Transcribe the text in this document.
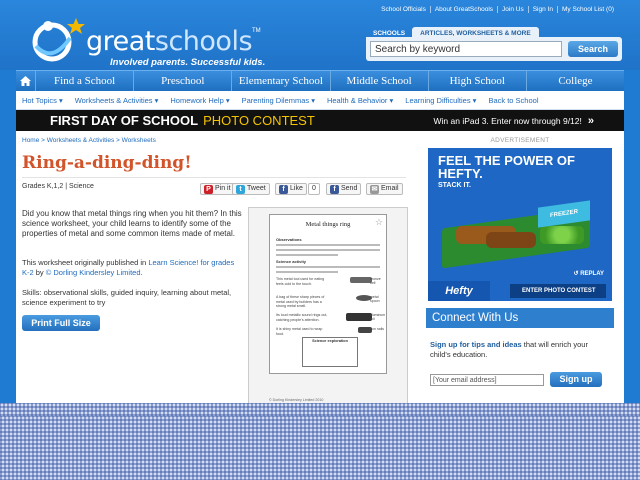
greatschools TM
Involved parents. Successful kids.
School Officials	About GreatSchools	Join Us	Sign In	My School List (0)
SCHOOLS	ARTICLES, WORKSHEETS & MORE
Search by keyword	Search
Find a School	Preschool	Elementary School	Middle School	High School	College
Hot Topics ▾	Worksheets & Activities ▾	Homework Help ▾	Parenting Dilemmas ▾	Health & Behavior ▾	Learning Difficulties ▾	Back to School
FIRST DAY OF SCHOOL PHOTO CONTEST	Win an iPad 3. Enter now through 9/12! »
Home > Worksheets & Activities > Worksheets
Ring-a-ding-ding!
Grades K,1,2 | Science	P Pin it	t Tweet	f Like	0	f Send ✉ Email
Did you know that metal things ring when you hit them? In this science worksheet, your child learns to identify some of the properties of metal and some common items made of metal.
This worksheet originally published in Learn Science! for grades K-2 by © Dorling Kindersley Limited.
Skills: observational skills, guided inquiry, learning about metal, science experiment to try
Print Full Size
Metal things ring	☆
Observations
Science activity
This metal tool used for eating feels cold to the touch.
bronze bell
A bag of these sharp pieces of metal used by builders has a strong metal smell.
metal spoon
Its loud metallic sound rings out, catching people's attention.
aluminum foil
It is shiny metal used to wrap food.
iron nails
Science exploration
© Dorling Kindersley Limited 2010
ADVERTISEMENT
FEEL THE POWER OF HEFTY.
STACK IT.
FREEZER
↺ REPLAY
Hefty	ENTER PHOTO CONTEST
Connect With Us
Sign up for tips and ideas that will enrich your child's education.
[Your email address]	Sign up
